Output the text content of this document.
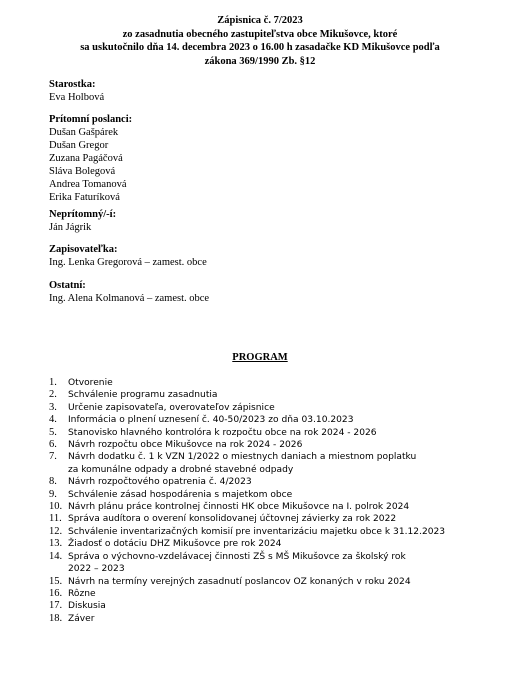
Zápisnica č. 7/2023
zo zasadnutia obecného zastupiteľstva obce Mikušovce, ktoré
sa uskutočnilo dňa 14. decembra 2023 o 16.00 h zasadačke KD Mikušovce podľa
zákona 369/1990 Zb. §12
Starostka:
Eva Holbová
Prítomní poslanci:
Dušan Gašpárek
Dušan Gregor
Zuzana Pagáčová
Sláva Bolegová
Andrea Tomanová
Erika Faturíková
Neprítomný/-í:
Ján Jágrik
Zapisovateľka:
Ing. Lenka Gregorová – zamest. obce
Ostatní:
Ing. Alena Kolmanová – zamest. obce
PROGRAM
1.	Otvorenie
2.	Schválenie programu zasadnutia
3.	Určenie zapisovateľa, overovateľov zápisnice
4.	Informácia o plnení uznesení č. 40-50/2023 zo dňa 03.10.2023
5.	Stanovisko hlavného kontrolóra k rozpočtu obce na rok 2024 - 2026
6.	Návrh rozpočtu obce Mikušovce na rok 2024 - 2026
7.	Návrh dodatku č. 1 k VZN 1/2022 o miestnych daniach a miestnom poplatku
za komunálne odpady a drobné stavebné odpady
8.	Návrh rozpočtového opatrenia č. 4/2023
9.	Schválenie zásad hospodárenia s majetkom obce
10. Návrh plánu práce kontrolnej činnosti HK obce Mikušovce na I. polrok 2024
11. Správa audítora o overení konsolidovanej účtovnej závierky za rok 2022
12. Schválenie inventarizačných komisií pre inventarizáciu majetku obce k 31.12.2023
13. Žiadosť o dotáciu DHZ Mikušovce pre rok 2024
14. Správa o výchovno-vzdelávacej činnosti ZŠ s MŠ Mikušovce za školský rok
2022 – 2023
15. Návrh na termíny verejných zasadnutí poslancov OZ konaných v roku 2024
16. Rôzne
17. Diskusia
18. Záver
